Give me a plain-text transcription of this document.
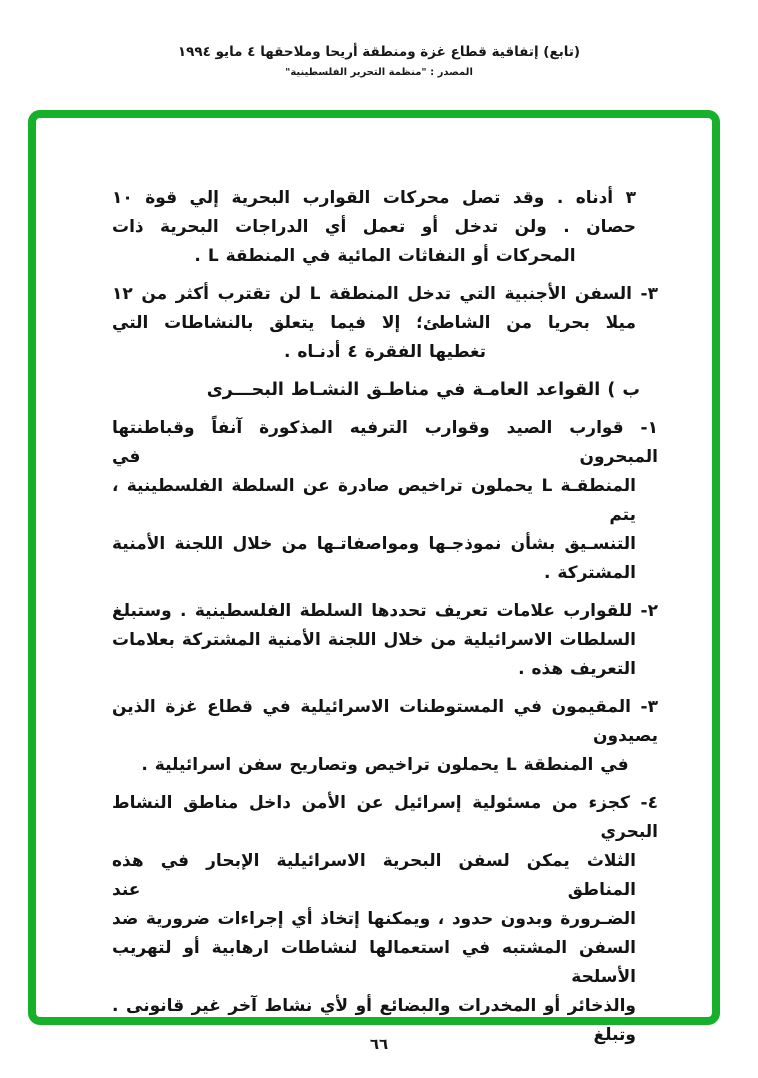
(تابع) إتفاقية قطاع غزة ومنطقة أريحا وملاحقها ٤ مايو ١٩٩٤
المصدر : "منظمة التحرير الفلسطينية"
٣ أدناه . وقد تصل محركات القوارب البحرية إلي قوة ١٠
حصان . ولن تدخل أو تعمل أي الدراجات البحرية ذات
المحركات أو النفاثات المائية في المنطقة L .
٣- السفن الأجنبية التي تدخل المنطقة L لن تقترب أكثر من ١٢
ميلا بحريا من الشاطئ؛ إلا فيما يتعلق بالنشاطات التي
تغطيها الفقرة ٤ أدنـاه .
ب ) القواعد العامـة في مناطـق النشـاط البحـــرى
١- قوارب الصيد وقوارب الترفيه المذكورة آنفاً وقباطنتها المبحرون في
المنطقـة L يحملون تراخيص صادرة عن السلطة الفلسطينية ، يتم
التنسـيق بشأن نموذجـها ومواصفاتـها من خلال اللجنة الأمنية
المشتركة .
٢- للقوارب علامات تعريف تحددها السلطة الفلسطينية . وستبلغ
السلطات الاسرائيلية من خلال اللجنة الأمنية المشتركة بعلامات
التعريف هذه .
٣- المقيمون في المستوطنات الاسرائيلية في قطاع غزة الذين يصيدون
في المنطقة L يحملون تراخيص وتصاريح سفن اسرائيلية .
٤- كجزء من مسئولية إسرائيل عن الأمن داخل مناطق النشاط البحري
الثلاث يمكن لسفن البحرية الاسرائيلية الإبحار في هذه المناطق عند
الضـرورة وبدون حدود ، ويمكنها إتخاذ أي إجراءات ضرورية ضد
السفن المشتبه في استعمالها لنشاطات ارهابية أو لتهريب الأسلحة
والذخائر أو المخدرات والبضائع أو لأي نشاط آخر غير قانونى . وتبلغ
٦٦
